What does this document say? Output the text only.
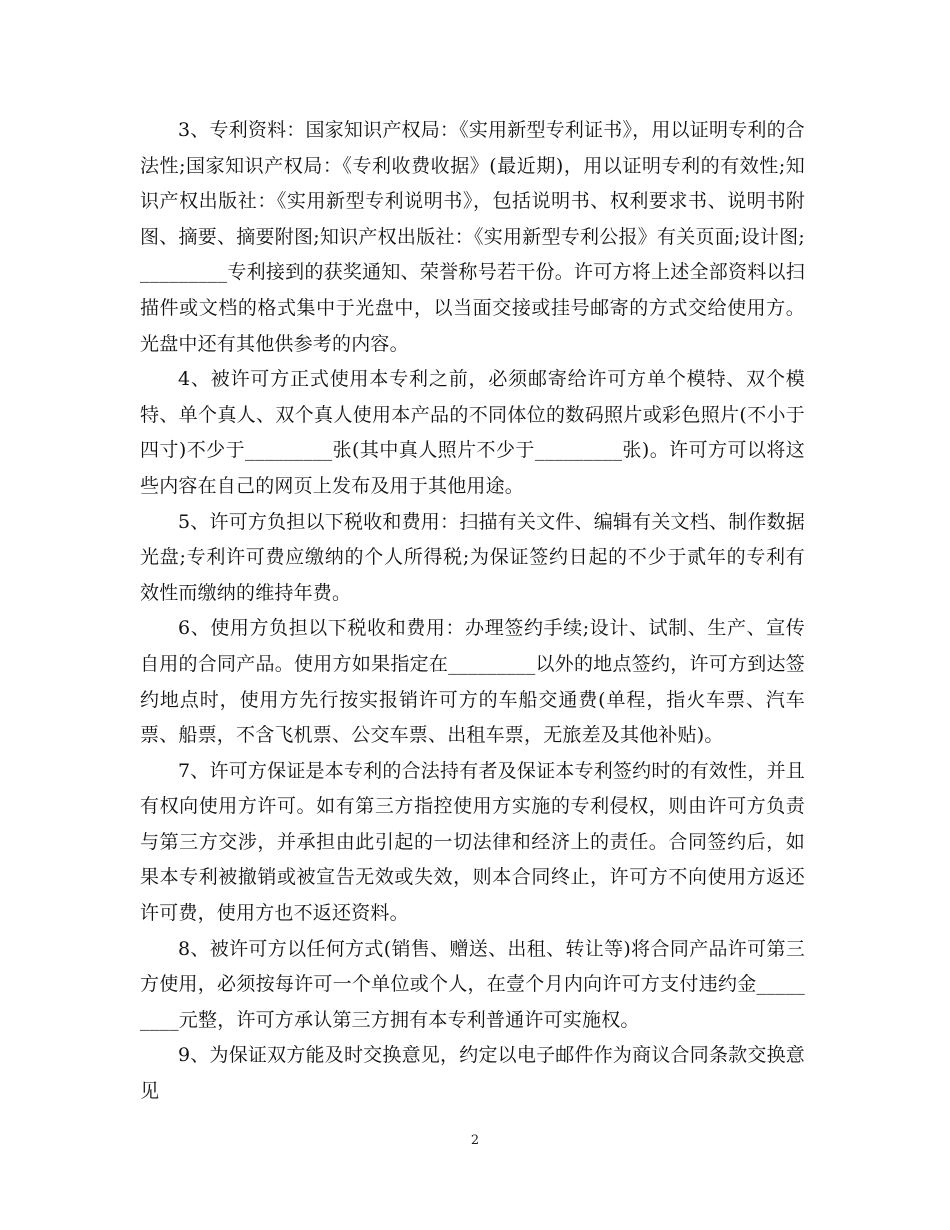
3、专利资料：国家知识产权局：《实用新型专利证书》，用以证明专利的合法性;国家知识产权局：《专利收费收据》(最近期)，用以证明专利的有效性;知识产权出版社：《实用新型专利说明书》，包括说明书、权利要求书、说明书附图、摘要、摘要附图;知识产权出版社：《实用新型专利公报》有关页面;设计图;_________专利接到的获奖通知、荣誉称号若干份。许可方将上述全部资料以扫描件或文档的格式集中于光盘中，以当面交接或挂号邮寄的方式交给使用方。光盘中还有其他供参考的内容。

4、被许可方正式使用本专利之前，必须邮寄给许可方单个模特、双个模特、单个真人、双个真人使用本产品的不同体位的数码照片或彩色照片(不小于四寸)不少于_________张(其中真人照片不少于_________张)。许可方可以将这些内容在自己的网页上发布及用于其他用途。

5、许可方负担以下税收和费用：扫描有关文件、编辑有关文档、制作数据光盘;专利许可费应缴纳的个人所得税;为保证签约日起的不少于贰年的专利有效性而缴纳的维持年费。

6、使用方负担以下税收和费用：办理签约手续;设计、试制、生产、宣传自用的合同产品。使用方如果指定在_________以外的地点签约，许可方到达签约地点时，使用方先行按实报销许可方的车船交通费(单程，指火车票、汽车票、船票，不含飞机票、公交车票、出租车票，无旅差及其他补贴)。

7、许可方保证是本专利的合法持有者及保证本专利签约时的有效性，并且有权向使用方许可。如有第三方指控使用方实施的专利侵权，则由许可方负责与第三方交涉，并承担由此引起的一切法律和经济上的责任。合同签约后，如果本专利被撤销或被宣告无效或失效，则本合同终止，许可方不向使用方返还许可费，使用方也不返还资料。

8、被许可方以任何方式(销售、赠送、出租、转让等)将合同产品许可第三方使用，必须按每许可一个单位或个人，在壹个月内向许可方支付违约金_________元整，许可方承认第三方拥有本专利普通许可实施权。

9、为保证双方能及时交换意见，约定以电子邮件作为商议合同条款交换意见

2
